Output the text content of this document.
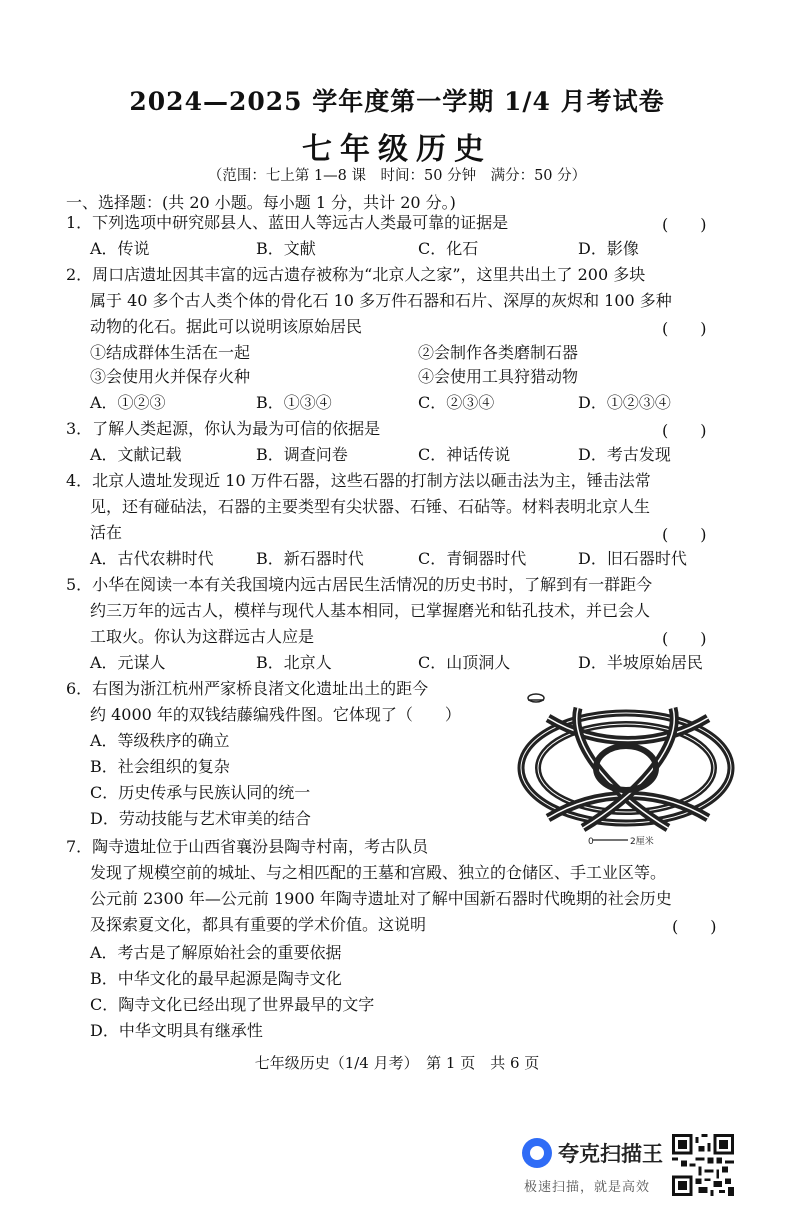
2024—2025 学年度第一学期 1/4 月考试卷
七年级历史
（范围：七上第 1—8 课　时间：50 分钟　满分：50 分）
一、选择题：(共 20 小题。每小题 1 分，共计 20 分。)
1．下列选项中研究郧县人、蓝田人等远古人类最可靠的证据是	(　　)
A．传说	B．文献	C．化石	D．影像
2．周口店遗址因其丰富的远古遗存被称为“北京人之家”，这里共出土了 200 多块
属于 40 多个古人类个体的骨化石 10 多万件石器和石片、深厚的灰烬和 100 多种
动物的化石。据此可以说明该原始居民	(　　)
①结成群体生活在一起	②会制作各类磨制石器
③会使用火并保存火种	④会使用工具狩猎动物
A．①②③	B．①③④	C．②③④	D．①②③④
3．了解人类起源，你认为最为可信的依据是	(　　)
A．文献记载	B．调查问卷	C．神话传说	D．考古发现
4．北京人遗址发现近 10 万件石器，这些石器的打制方法以砸击法为主，锤击法常
见，还有碰砧法，石器的主要类型有尖状器、石锤、石砧等。材料表明北京人生
活在	(　　)
A．古代农耕时代	B．新石器时代	C．青铜器时代	D．旧石器时代
5．小华在阅读一本有关我国境内远古居民生活情况的历史书时，了解到有一群距今
约三万年的远古人，模样与现代人基本相同，已掌握磨光和钻孔技术，并已会人
工取火。你认为这群远古人应是	(　　)
A．元谋人	B．北京人	C．山顶洞人	D．半坡原始居民
6．右图为浙江杭州严家桥良渚文化遗址出土的距今
约 4000 年的双钱结藤编残件图。它体现了（　　）
A．等级秩序的确立
B．社会组织的复杂
C．历史传承与民族认同的统一
D．劳动技能与艺术审美的结合
0	2厘米
7．陶寺遗址位于山西省襄汾县陶寺村南，考古队员
发现了规模空前的城址、与之相匹配的王墓和宫殿、独立的仓储区、手工业区等。
公元前 2300 年—公元前 1900 年陶寺遗址对了解中国新石器时代晚期的社会历史
及探索夏文化，都具有重要的学术价值。这说明	(　　)
A．考古是了解原始社会的重要依据
B．中华文化的最早起源是陶寺文化
C．陶寺文化已经出现了世界最早的文字
D．中华文明具有继承性
七年级历史（1/4 月考）　第 1 页　共 6 页
夸克扫描王
极速扫描，就是高效
